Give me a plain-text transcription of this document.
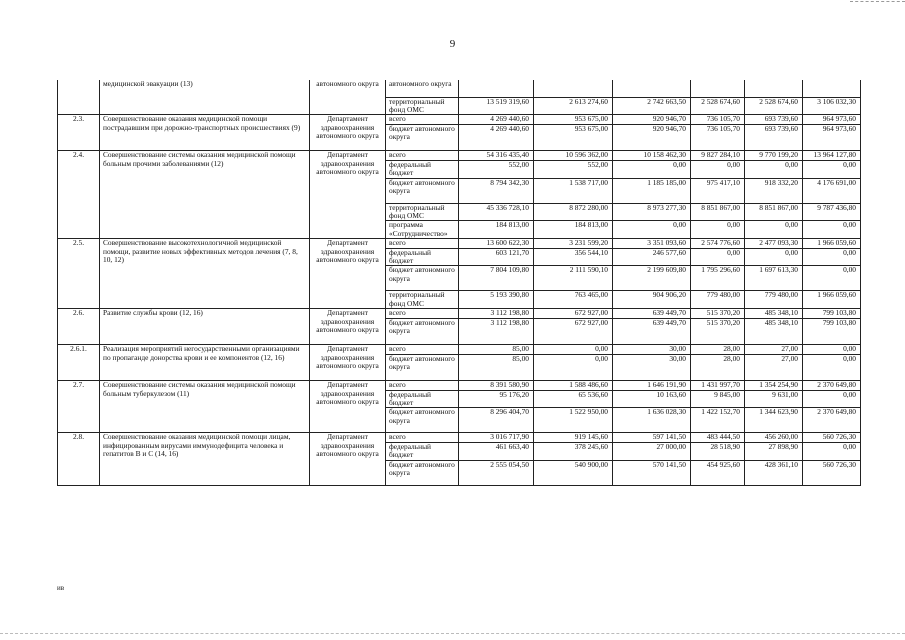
9
	медицинской эвакуации (13)	автономного округа	автономного округа						
			территориальный фонд ОМС	13 519 319,60	2 613 274,60	2 742 663,50	2 528 674,60	2 528 674,60	3 106 032,30
2.3.	Совершенствование оказания медицинской помощи пострадавшим при дорожно-транспортных происшествиях (9)	Департамент здравоохранения автономного округа	всего	4 269 440,60	953 675,00	920 946,70	736 105,70	693 739,60	964 973,60
			бюджет автономного округа	4 269 440,60	953 675,00	920 946,70	736 105,70	693 739,60	964 973,60
2.4.	Совершенствование системы оказания медицинской помощи больным прочими заболеваниями (12)	Департамент здравоохранения автономного округа	всего	54 316 435,40	10 596 362,00	10 158 462,30	9 827 284,10	9 770 199,20	13 964 127,80
			федеральный бюджет	552,00	552,00	0,00	0,00	0,00	0,00
			бюджет автономного округа	8 794 342,30	1 538 717,00	1 185 185,00	975 417,10	918 332,20	4 176 691,00
			территориальный фонд ОМС	45 336 728,10	8 872 280,00	8 973 277,30	8 851 867,00	8 851 867,00	9 787 436,80
			программа «Сотрудничество»	184 813,00	184 813,00	0,00	0,00	0,00	0,00
2.5.	Совершенствование высокотехнологичной медицинской помощи, развитие новых эффективных методов лечения (7, 8, 10, 12)	Департамент здравоохранения автономного округа	всего	13 600 622,30	3 231 599,20	3 351 093,60	2 574 776,60	2 477 093,30	1 966 059,60
			федеральный бюджет	603 121,70	356 544,10	246 577,60	0,00	0,00	0,00
			бюджет автономного округа	7 804 109,80	2 111 590,10	2 199 609,80	1 795 296,60	1 697 613,30	0,00
			территориальный фонд ОМС	5 193 390,80	763 465,00	904 906,20	779 480,00	779 480,00	1 966 059,60
2.6.	Развитие службы крови (12, 16)	Департамент здравоохранения автономного округа	всего	3 112 198,80	672 927,00	639 449,70	515 370,20	485 348,10	799 103,80
			бюджет автономного округа	3 112 198,80	672 927,00	639 449,70	515 370,20	485 348,10	799 103,80
2.6.1.	Реализация мероприятий негосударственными организациями по пропаганде донорства крови и ее компонентов (12, 16)	Департамент здравоохранения автономного округа	всего	85,00	0,00	30,00	28,00	27,00	0,00
			бюджет автономного округа	85,00	0,00	30,00	28,00	27,00	0,00
2.7.	Совершенствование системы оказания медицинской помощи больным туберкулезом (11)	Департамент здравоохранения автономного округа	всего	8 391 580,90	1 588 486,60	1 646 191,90	1 431 997,70	1 354 254,90	2 370 649,80
			федеральный бюджет	95 176,20	65 536,60	10 163,60	9 845,00	9 631,00	0,00
			бюджет автономного округа	8 296 404,70	1 522 950,00	1 636 028,30	1 422 152,70	1 344 623,90	2 370 649,80
2.8.	Совершенствование оказания медицинской помощи лицам, инфицированным вирусами иммунодефицита человека и гепатитов В и С (14, 16)	Департамент здравоохранения автономного округа	всего	3 016 717,90	919 145,60	597 141,50	483 444,50	456 260,00	560 726,30
			федеральный бюджет	461 663,40	378 245,60	27 000,00	28 518,90	27 898,90	0,00
			бюджет автономного округа	2 555 054,50	540 900,00	570 141,50	454 925,60	428 361,10	560 726,30
ив
